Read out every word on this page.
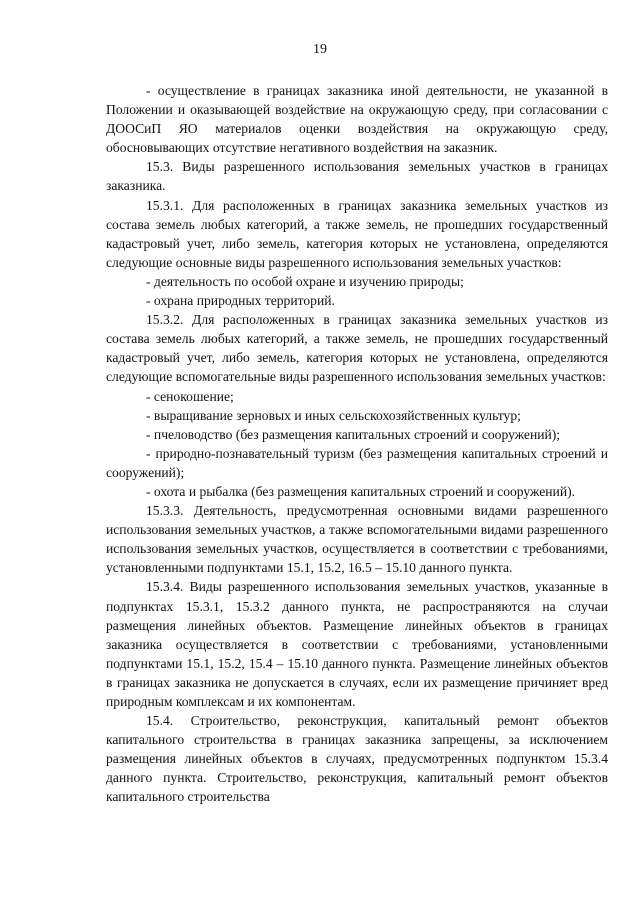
19

- осуществление в границах заказника иной деятельности, не указанной в Положении и оказывающей воздействие на окружающую среду, при согласовании с ДООСиП ЯО материалов оценки воздействия на окружающую среду, обосновывающих отсутствие негативного воздействия на заказник.

15.3. Виды разрешенного использования земельных участков в границах заказника.

15.3.1. Для расположенных в границах заказника земельных участков из состава земель любых категорий, а также земель, не прошедших государственный кадастровый учет, либо земель, категория которых не установлена, определяются следующие основные виды разрешенного использования земельных участков:

- деятельность по особой охране и изучению природы;

- охрана природных территорий.

15.3.2. Для расположенных в границах заказника земельных участков из состава земель любых категорий, а также земель, не прошедших государственный кадастровый учет, либо земель, категория которых не установлена, определяются следующие вспомогательные виды разрешенного использования земельных участков:

- сенокошение;

- выращивание зерновых и иных сельскохозяйственных культур;

- пчеловодство (без размещения капитальных строений и сооружений);

- природно-познавательный туризм (без размещения капитальных строений и сооружений);

- охота и рыбалка (без размещения капитальных строений и сооружений).

15.3.3. Деятельность, предусмотренная основными видами разрешенного использования земельных участков, а также вспомогательными видами разрешенного использования земельных участков, осуществляется в соответствии с требованиями, установленными подпунктами 15.1, 15.2, 16.5 – 15.10 данного пункта.

15.3.4. Виды разрешенного использования земельных участков, указанные в подпунктах 15.3.1, 15.3.2 данного пункта, не распространяются на случаи размещения линейных объектов. Размещение линейных объектов в границах заказника осуществляется в соответствии с требованиями, установленными подпунктами 15.1, 15.2, 15.4 – 15.10 данного пункта. Размещение линейных объектов в границах заказника не допускается в случаях, если их размещение причиняет вред природным комплексам и их компонентам.

15.4. Строительство, реконструкция, капитальный ремонт объектов капитального строительства в границах заказника запрещены, за исключением размещения линейных объектов в случаях, предусмотренных подпунктом 15.3.4 данного пункта. Строительство, реконструкция, капитальный ремонт объектов капитального строительства
